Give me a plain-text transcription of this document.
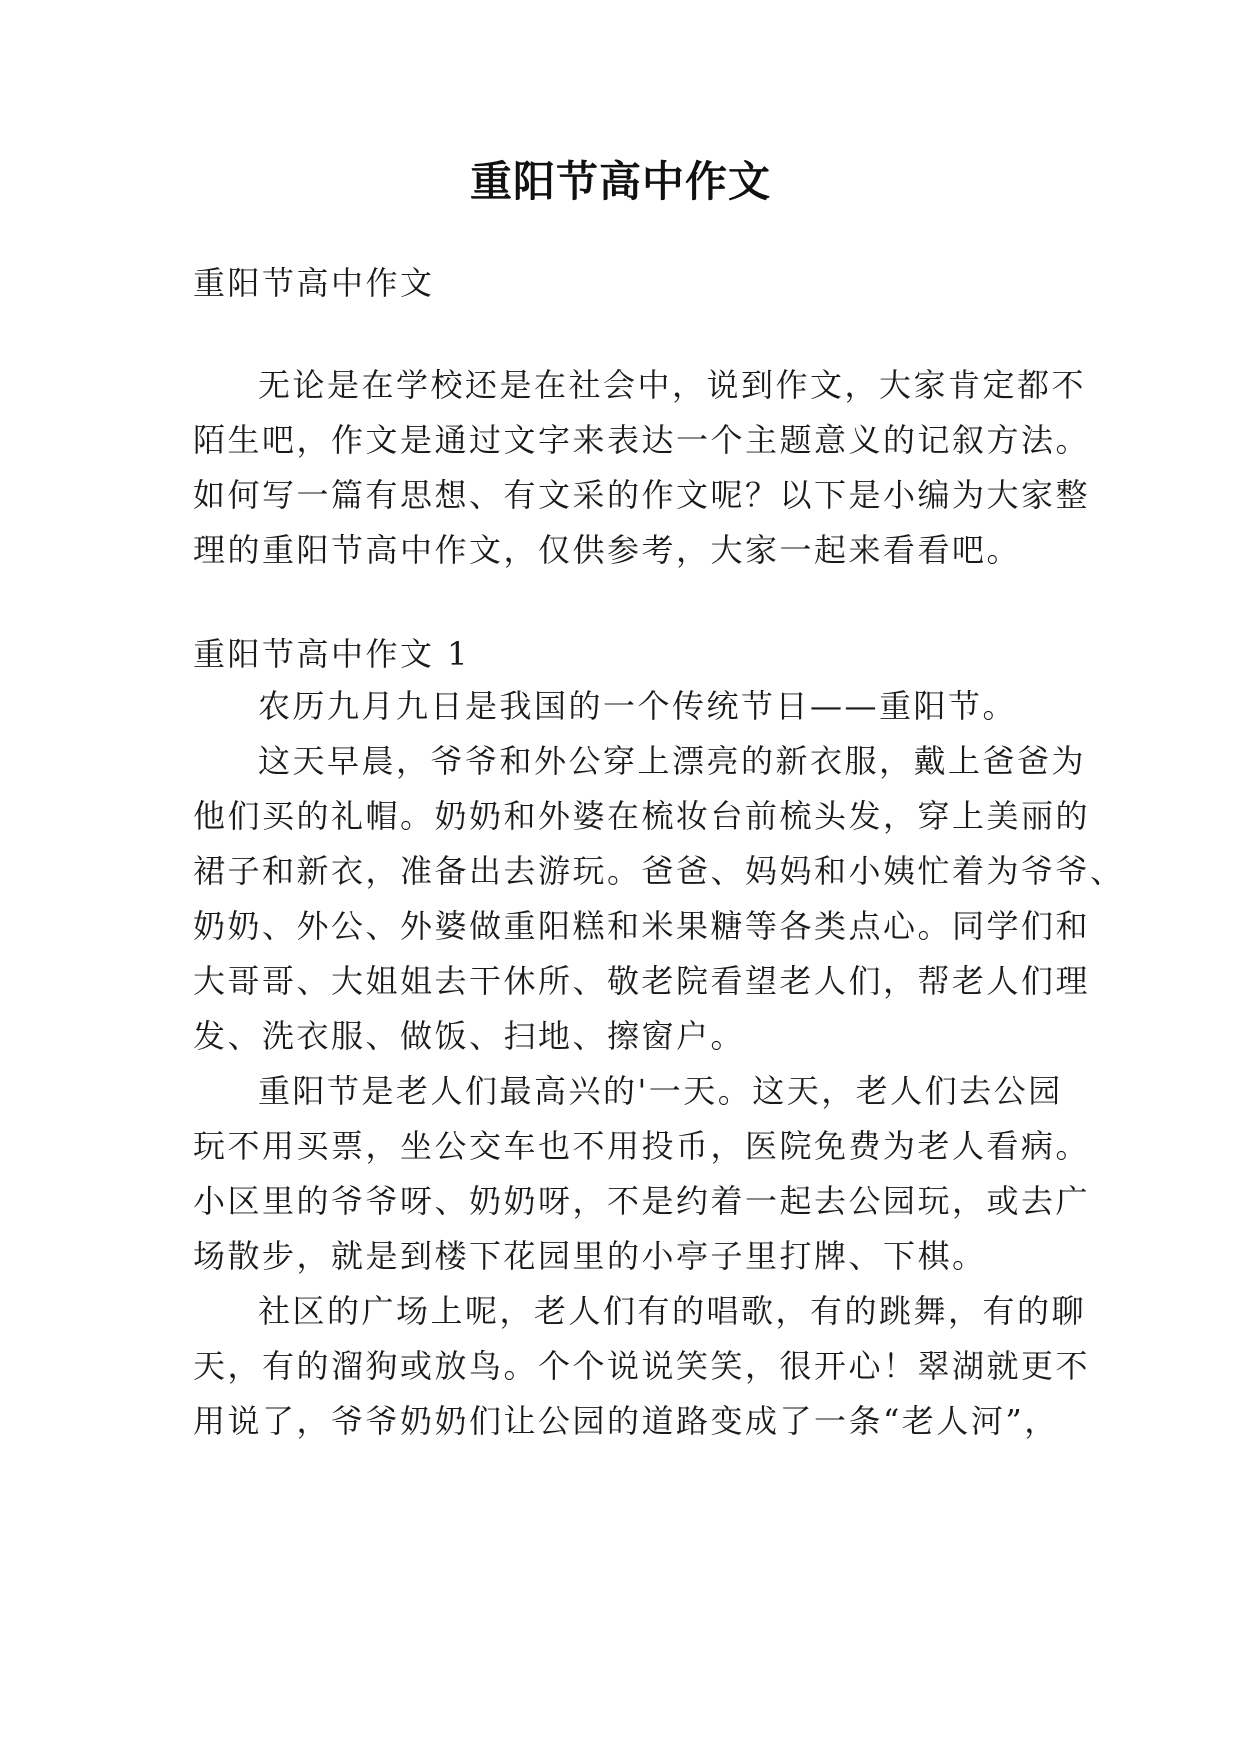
重阳节高中作文
重阳节高中作文
无论是在学校还是在社会中，说到作文，大家肯定都不
陌生吧，作文是通过文字来表达一个主题意义的记叙方法。
如何写一篇有思想、有文采的作文呢？以下是小编为大家整
理的重阳节高中作文，仅供参考，大家一起来看看吧。
重阳节高中作文 1
农历九月九日是我国的一个传统节日——重阳节。
这天早晨，爷爷和外公穿上漂亮的新衣服，戴上爸爸为
他们买的礼帽。奶奶和外婆在梳妆台前梳头发，穿上美丽的
裙子和新衣，准备出去游玩。爸爸、妈妈和小姨忙着为爷爷、
奶奶、外公、外婆做重阳糕和米果糖等各类点心。同学们和
大哥哥、大姐姐去干休所、敬老院看望老人们，帮老人们理
发、洗衣服、做饭、扫地、擦窗户。
重阳节是老人们最高兴的'一天。这天，老人们去公园
玩不用买票，坐公交车也不用投币，医院免费为老人看病。
小区里的爷爷呀、奶奶呀，不是约着一起去公园玩，或去广
场散步，就是到楼下花园里的小亭子里打牌、下棋。
社区的广场上呢，老人们有的唱歌，有的跳舞，有的聊
天，有的溜狗或放鸟。个个说说笑笑，很开心！翠湖就更不
用说了，爷爷奶奶们让公园的道路变成了一条“老人河”，
